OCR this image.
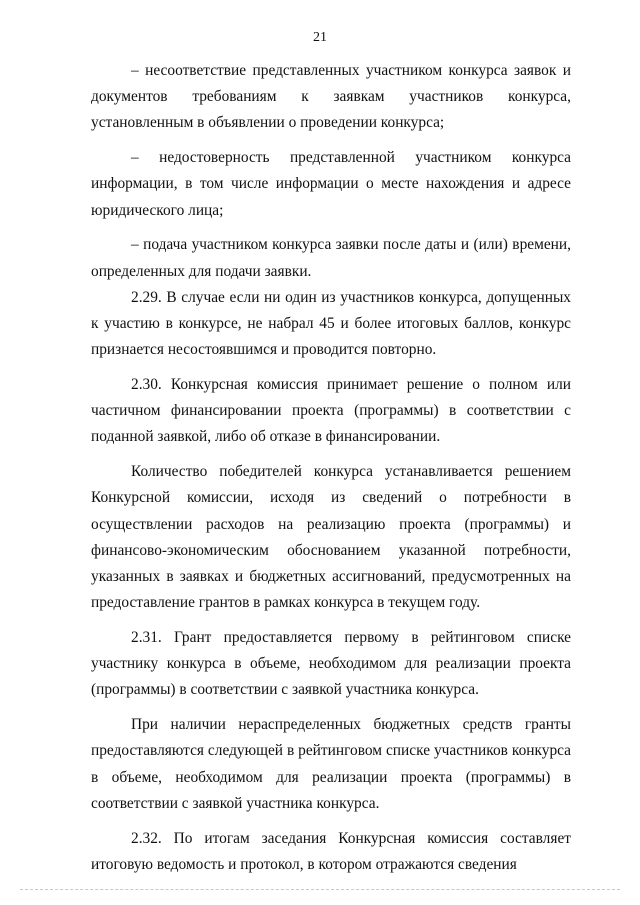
21

– несоответствие представленных участником конкурса заявок и документов требованиям к заявкам участников конкурса, установленным в объявлении о проведении конкурса;

– недостоверность представленной участником конкурса информации, в том числе информации о месте нахождения и адресе юридического лица;

– подача участником конкурса заявки после даты и (или) времени, определенных для подачи заявки.

2.29. В случае если ни один из участников конкурса, допущенных к участию в конкурсе, не набрал 45 и более итоговых баллов, конкурс признается несостоявшимся и проводится повторно.

2.30. Конкурсная комиссия принимает решение о полном или частичном финансировании проекта (программы) в соответствии с поданной заявкой, либо об отказе в финансировании.

Количество победителей конкурса устанавливается решением Конкурсной комиссии, исходя из сведений о потребности в осуществлении расходов на реализацию проекта (программы) и финансово-экономическим обоснованием указанной потребности, указанных в заявках и бюджетных ассигнований, предусмотренных на предоставление грантов в рамках конкурса в текущем году.

2.31. Грант предоставляется первому в рейтинговом списке участнику конкурса в объеме, необходимом для реализации проекта (программы) в соответствии с заявкой участника конкурса.

При наличии нераспределенных бюджетных средств гранты предоставляются следующей в рейтинговом списке участников конкурса в объеме, необходимом для реализации проекта (программы) в соответствии с заявкой участника конкурса.

2.32. По итогам заседания Конкурсная комиссия составляет итоговую ведомость и протокол, в котором отражаются сведения
